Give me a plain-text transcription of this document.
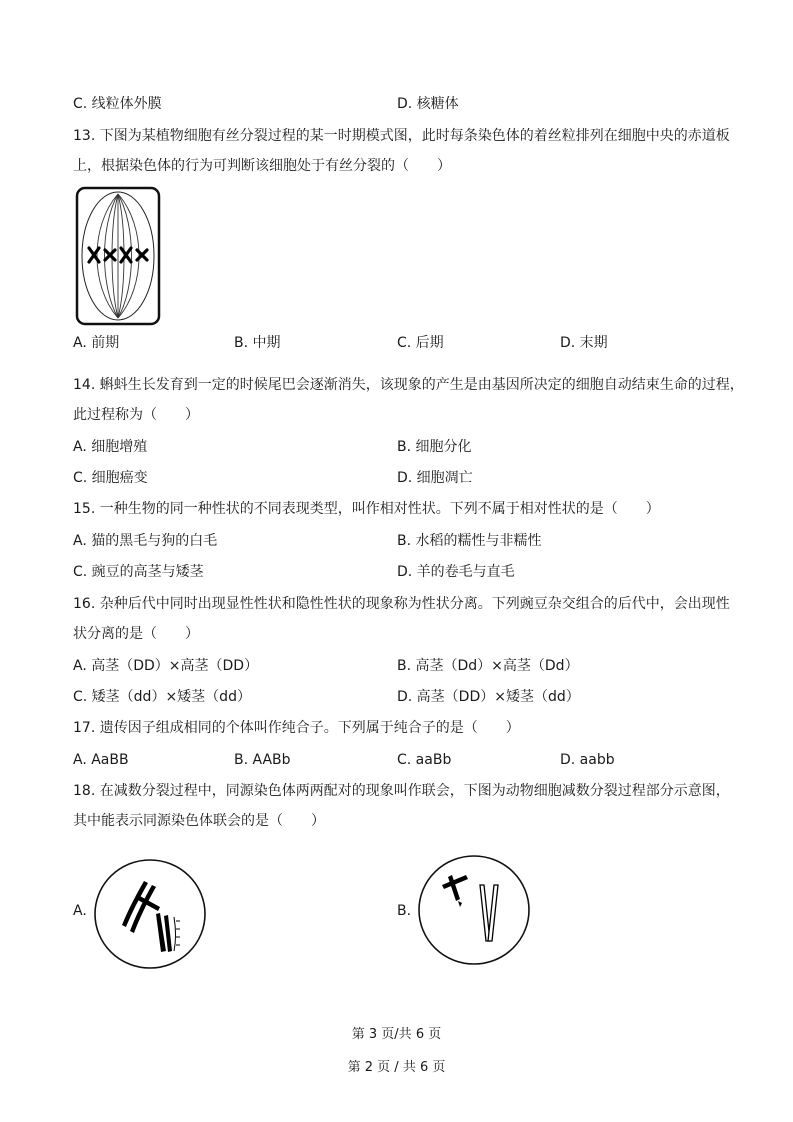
C. 线粒体外膜	D. 核糖体
13. 下图为某植物细胞有丝分裂过程的某一时期模式图，此时每条染色体的着丝粒排列在细胞中央的赤道板
上，根据染色体的行为可判断该细胞处于有丝分裂的（　　）
A. 前期	B. 中期	C. 后期	D. 末期
14. 蝌蚪生长发育到一定的时候尾巴会逐渐消失，该现象的产生是由基因所决定的细胞自动结束生命的过程，
此过程称为（　　）
A. 细胞增殖	B. 细胞分化
C. 细胞癌变	D. 细胞凋亡
15. 一种生物的同一种性状的不同表现类型，叫作相对性状。下列不属于相对性状的是（　　）
A. 猫的黑毛与狗的白毛	B. 水稻的糯性与非糯性
C. 豌豆的高茎与矮茎	D. 羊的卷毛与直毛
16. 杂种后代中同时出现显性性状和隐性性状的现象称为性状分离。下列豌豆杂交组合的后代中，会出现性
状分离的是（　　）
A. 高茎（DD）×高茎（DD）	B. 高茎（Dd）×高茎（Dd）
C. 矮茎（dd）×矮茎（dd）	D. 高茎（DD）×矮茎（dd）
17. 遗传因子组成相同的个体叫作纯合子。下列属于纯合子的是（　　）
A. AaBB	B. AABb	C. aaBb	D. aabb
18. 在减数分裂过程中，同源染色体两两配对的现象叫作联会，下图为动物细胞减数分裂过程部分示意图，
其中能表示同源染色体联会的是（　　）
A.	B.
第 3 页/共 6 页
第 2 页 / 共 6 页
